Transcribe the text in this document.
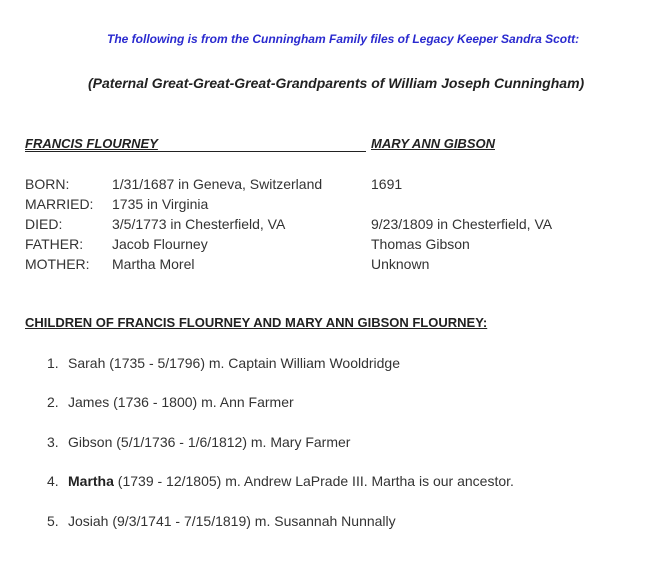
The following is from the Cunningham Family files of Legacy Keeper Sandra Scott:
(Paternal Great-Great-Great-Grandparents of William Joseph Cunningham)
FRANCIS FLOURNEY	MARY ANN GIBSON
BORN:	1/31/1687 in Geneva, Switzerland	1691
MARRIED: 1735 in Virginia
DIED:	3/5/1773 in Chesterfield, VA	9/23/1809 in Chesterfield, VA
FATHER: Jacob Flourney	Thomas Gibson
MOTHER: Martha Morel	Unknown
CHILDREN OF FRANCIS FLOURNEY AND MARY ANN GIBSON FLOURNEY:
1. Sarah (1735 - 5/1796) m. Captain William Wooldridge
2. James (1736 - 1800) m. Ann Farmer
3. Gibson (5/1/1736 - 1/6/1812) m. Mary Farmer
4. Martha (1739 - 12/1805) m. Andrew LaPrade III. Martha is our ancestor.
5. Josiah (9/3/1741 - 7/15/1819) m. Susannah Nunnally
